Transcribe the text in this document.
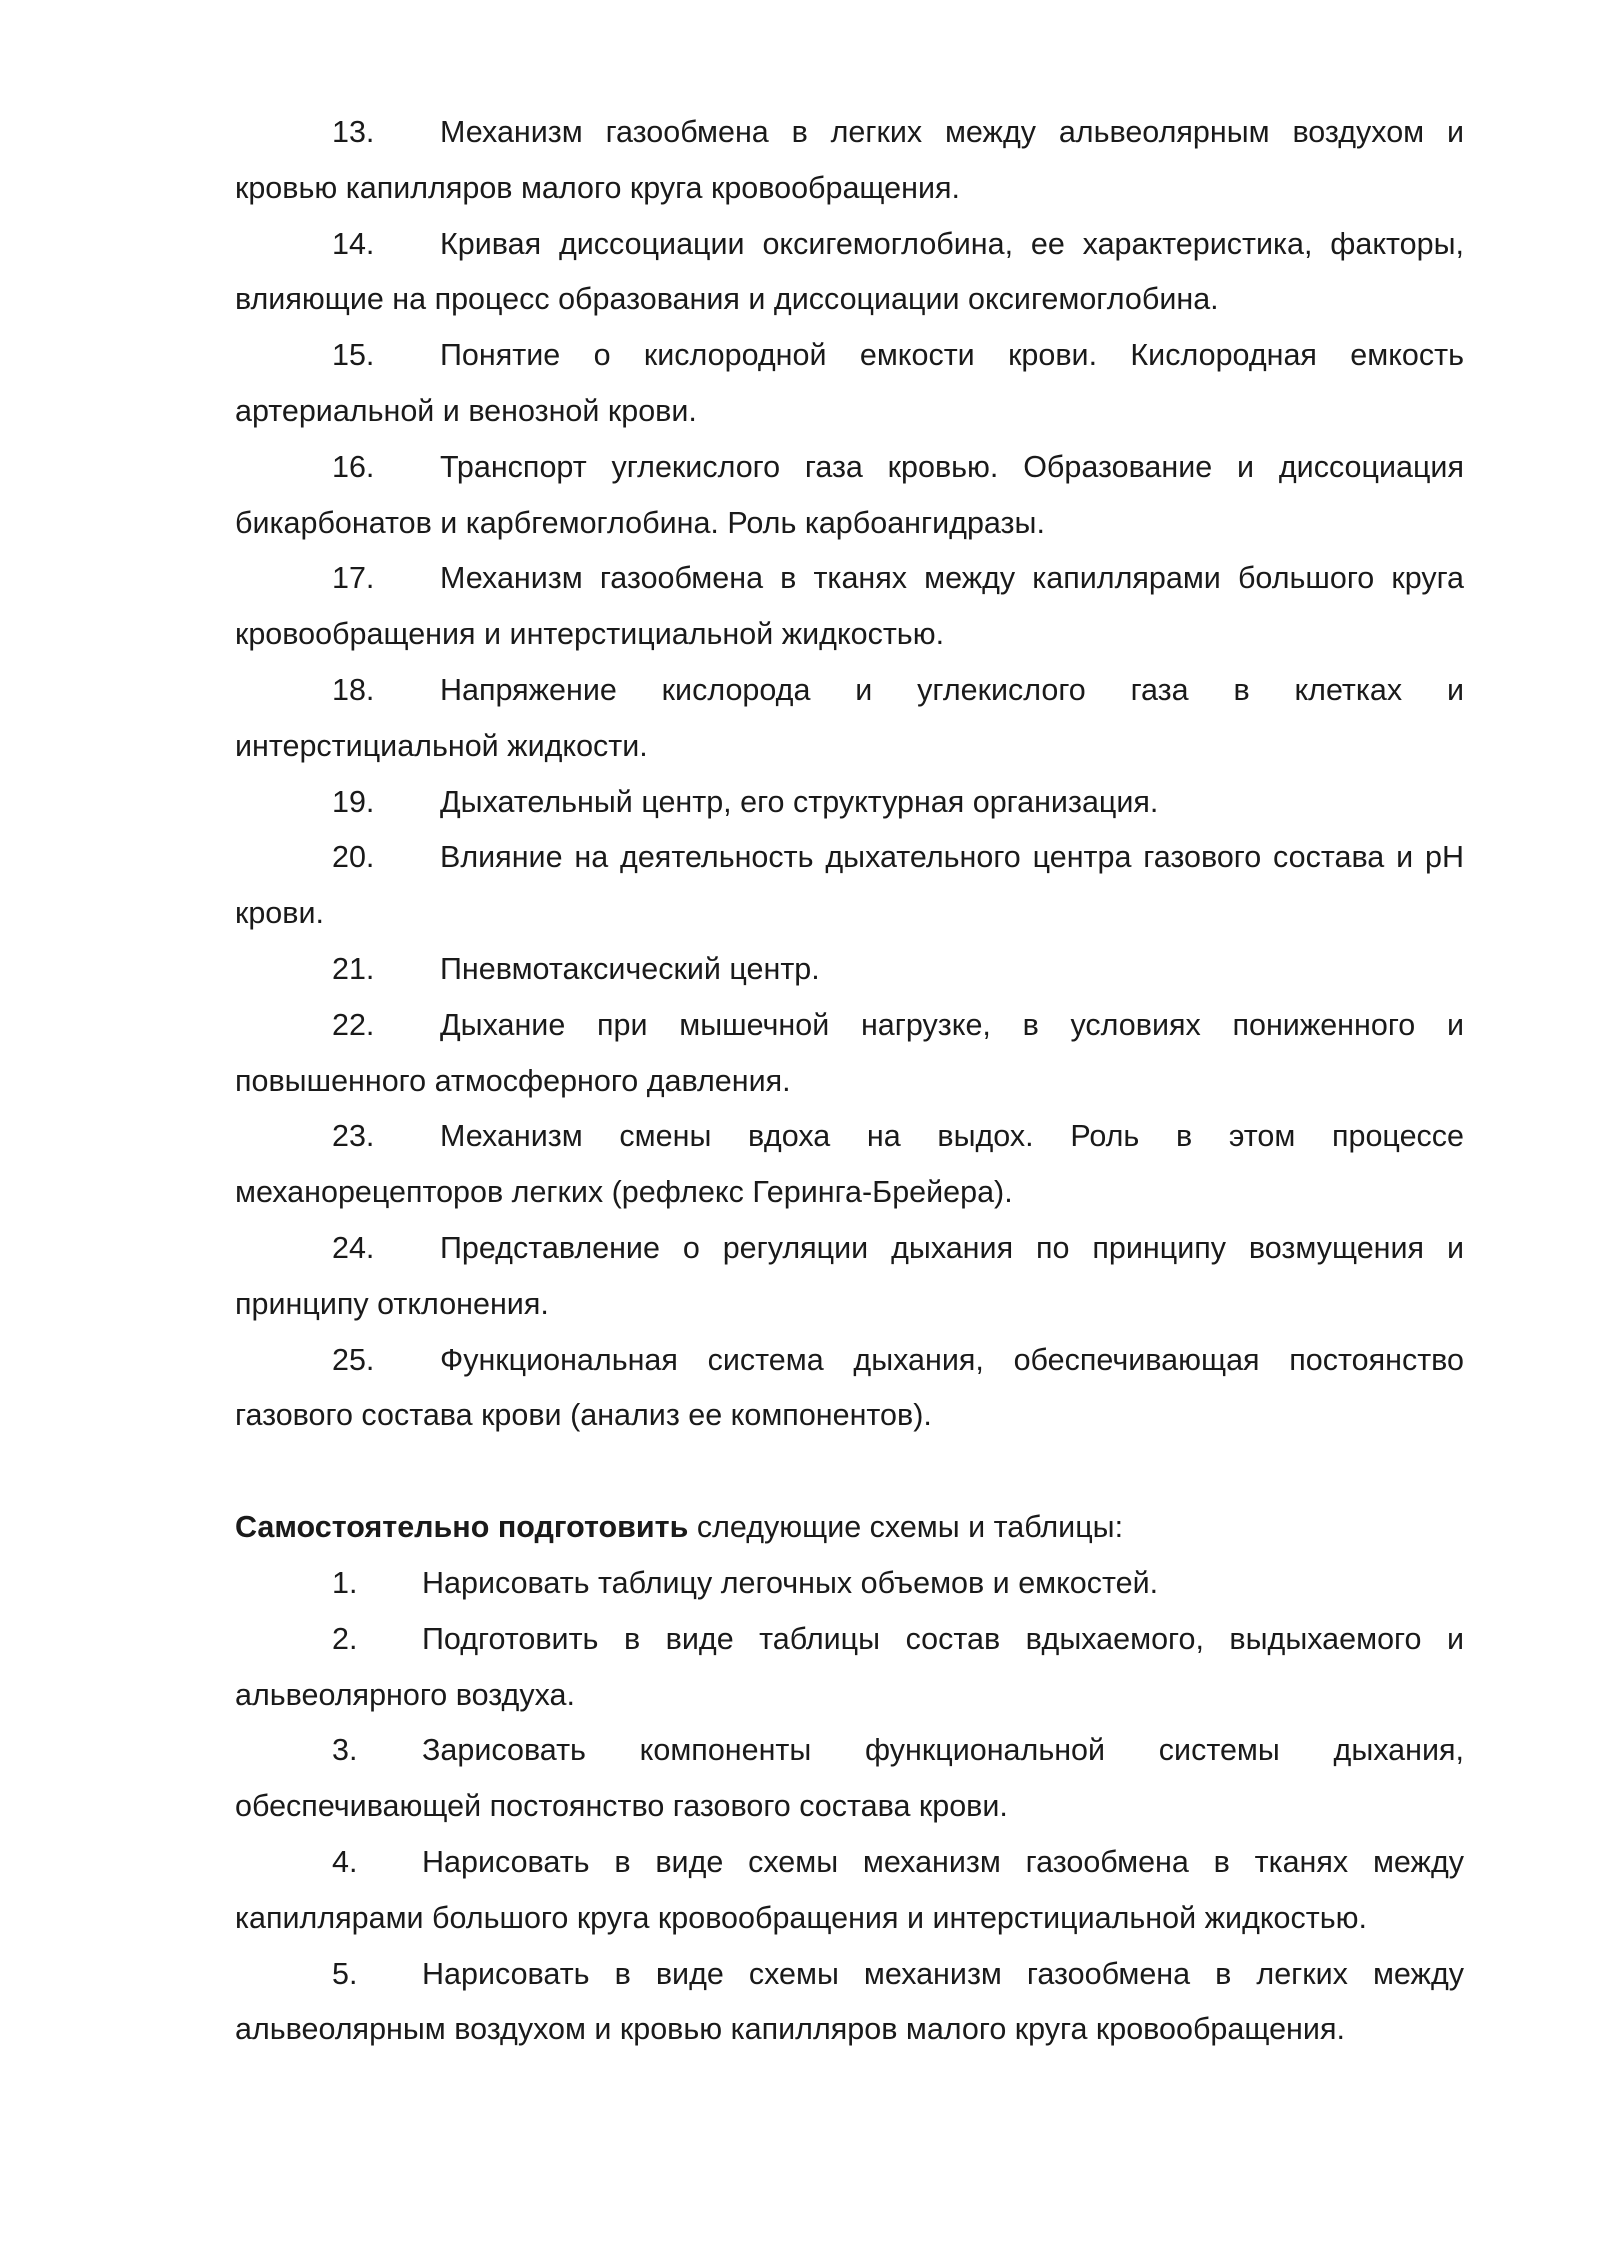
13. Механизм газообмена в легких между альвеолярным воздухом и кровью капилляров малого круга кровообращения.

14. Кривая диссоциации оксигемоглобина, ее характеристика, факторы, влияющие на процесс образования и диссоциации оксигемоглобина.

15. Понятие о кислородной емкости крови. Кислородная емкость артериальной и венозной крови.

16. Транспорт углекислого газа кровью. Образование и диссоциация бикарбонатов и карбгемоглобина. Роль карбоангидразы.

17. Механизм газообмена в тканях между капиллярами большого круга кровообращения и интерстициальной жидкостью.

18. Напряжение кислорода и углекислого газа в клетках и интерстициальной жидкости.

19. Дыхательный центр, его структурная организация.

20. Влияние на деятельность дыхательного центра газового состава и pH крови.

21. Пневмотаксический центр.

22. Дыхание при мышечной нагрузке, в условиях пониженного и повышенного атмосферного давления.

23. Механизм смены вдоха на выдох. Роль в этом процессе механорецепторов легких (рефлекс Геринга-Брейера).

24. Представление о регуляции дыхания по принципу возмущения и принципу отклонения.

25. Функциональная система дыхания, обеспечивающая постоянство газового состава крови (анализ ее компонентов).

Самостоятельно подготовить следующие схемы и таблицы:

1. Нарисовать таблицу легочных объемов и емкостей.

2. Подготовить в виде таблицы состав вдыхаемого, выдыхаемого и альвеолярного воздуха.

3. Зарисовать компоненты функциональной системы дыхания, обеспечивающей постоянство газового состава крови.

4. Нарисовать в виде схемы механизм газообмена в тканях между капиллярами большого круга кровообращения и интерстициальной жидкостью.

5. Нарисовать в виде схемы механизм газообмена в легких между альвеолярным воздухом и кровью капилляров малого круга кровообращения.
